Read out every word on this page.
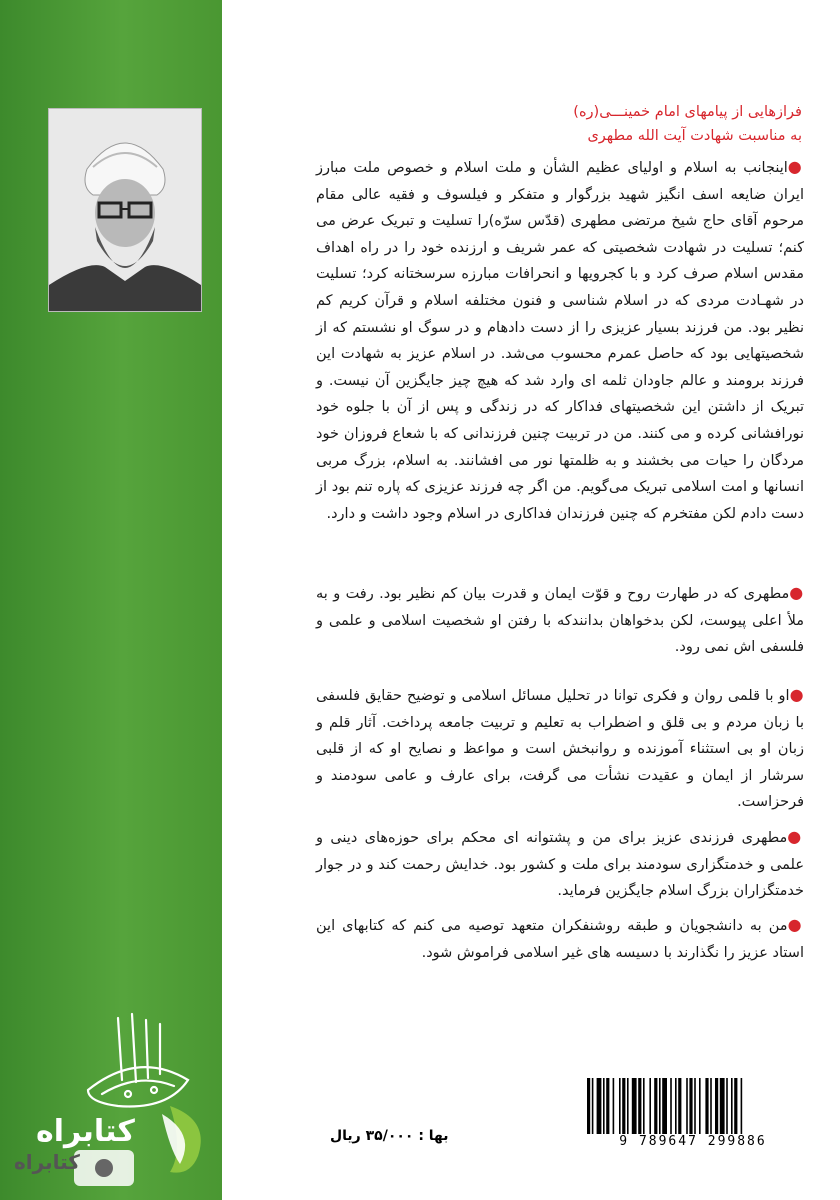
فرازهایی از پیامهای امام خمینـــی(ره)
به مناسبت شهادت آیت الله مطهری

●اینجانب به اسلام و اولیای عظیم الشأن و ملت اسلام و خصوص ملت مبارز ایران ضایعه اسف انگیز شهید بزرگوار و متفکر و فیلسوف و فقیه عالی مقام مرحوم آقای حاج شیخ مرتضی مطهری (قدّس سرّه)را تسلیت و تبریک عرض می کنم؛ تسلیت در شهادت شخصیتی که عمر شریف و ارزنده خود را در راه اهداف مقدس اسلام صرف کرد و با کجرویها و انحرافات مبارزه سرسختانه کرد؛ تسلیت در شهـادت مردی که در اسلام شناسی و فنون مختلفه اسلام و قرآن کریم کم نظیر بود. من فرزند بسیار عزیزی را از دست دادهام و در سوگ او نشستم که از شخصیتهایی بود که حاصل عمرم محسوب می‌شد. در اسلام عزیز به شهادت این فرزند برومند و عالم جاودان ثلمه ای وارد شد که هیچ چیز جایگزین آن نیست. و تبریک از داشتن این شخصیتهای فداکار که در زندگی و پس از آن با جلوه خود نورافشانی کرده و می کنند. من در تربیت چنین فرزندانی که با شعاع فروزان خود مردگان را حیات می بخشند و به ظلمتها نور می افشانند. به اسلام، بزرگ مربی انسانها و امت اسلامی تبریک می‌گویم. من اگر چه فرزند عزیزی که پاره تنم بود از دست دادم لکن مفتخرم که چنین فرزندان فداکاری در اسلام وجود داشت و دارد.

●مطهری که در طهارت روح و قوّت ایمان و قدرت بیان کم نظیر بود. رفت و به ملأ اعلی پیوست، لکن بدخواهان بدانندکه با رفتن او شخصیت اسلامی و علمی و فلسفی اش نمی رود.

●او با قلمی روان و فکری توانا در تحلیل مسائل اسلامی و توضیح حقایق فلسفی با زبان مردم و بی قلق و اضطراب به تعلیم و تربیت جامعه پرداخت. آثار قلم و زبان او بی استثناء آموزنده و روانبخش است و مواعظ و نصایح او که از قلبی سرشار از ایمان و عقیدت نشأت می گرفت، برای عارف و عامی سودمند و فرحزاست.

●مطهری فرزندی عزیز برای من و پشتوانه ای محکم برای حوزه‌های دینی و علمی و خدمتگزاری سودمند برای ملت و کشور بود. خدایش رحمت کند و در جوار خدمتگزاران بزرگ اسلام جایگزین فرماید.

●من به دانشجویان و طبقه روشنفکران متعهد توصیه می کنم که کتابهای این استاد عزیز را نگذارند با دسیسه های غیر اسلامی فراموش شود.

کتابراه
کتابراه
9 789647 299886
بها : ۳۵/۰۰۰ ریال
